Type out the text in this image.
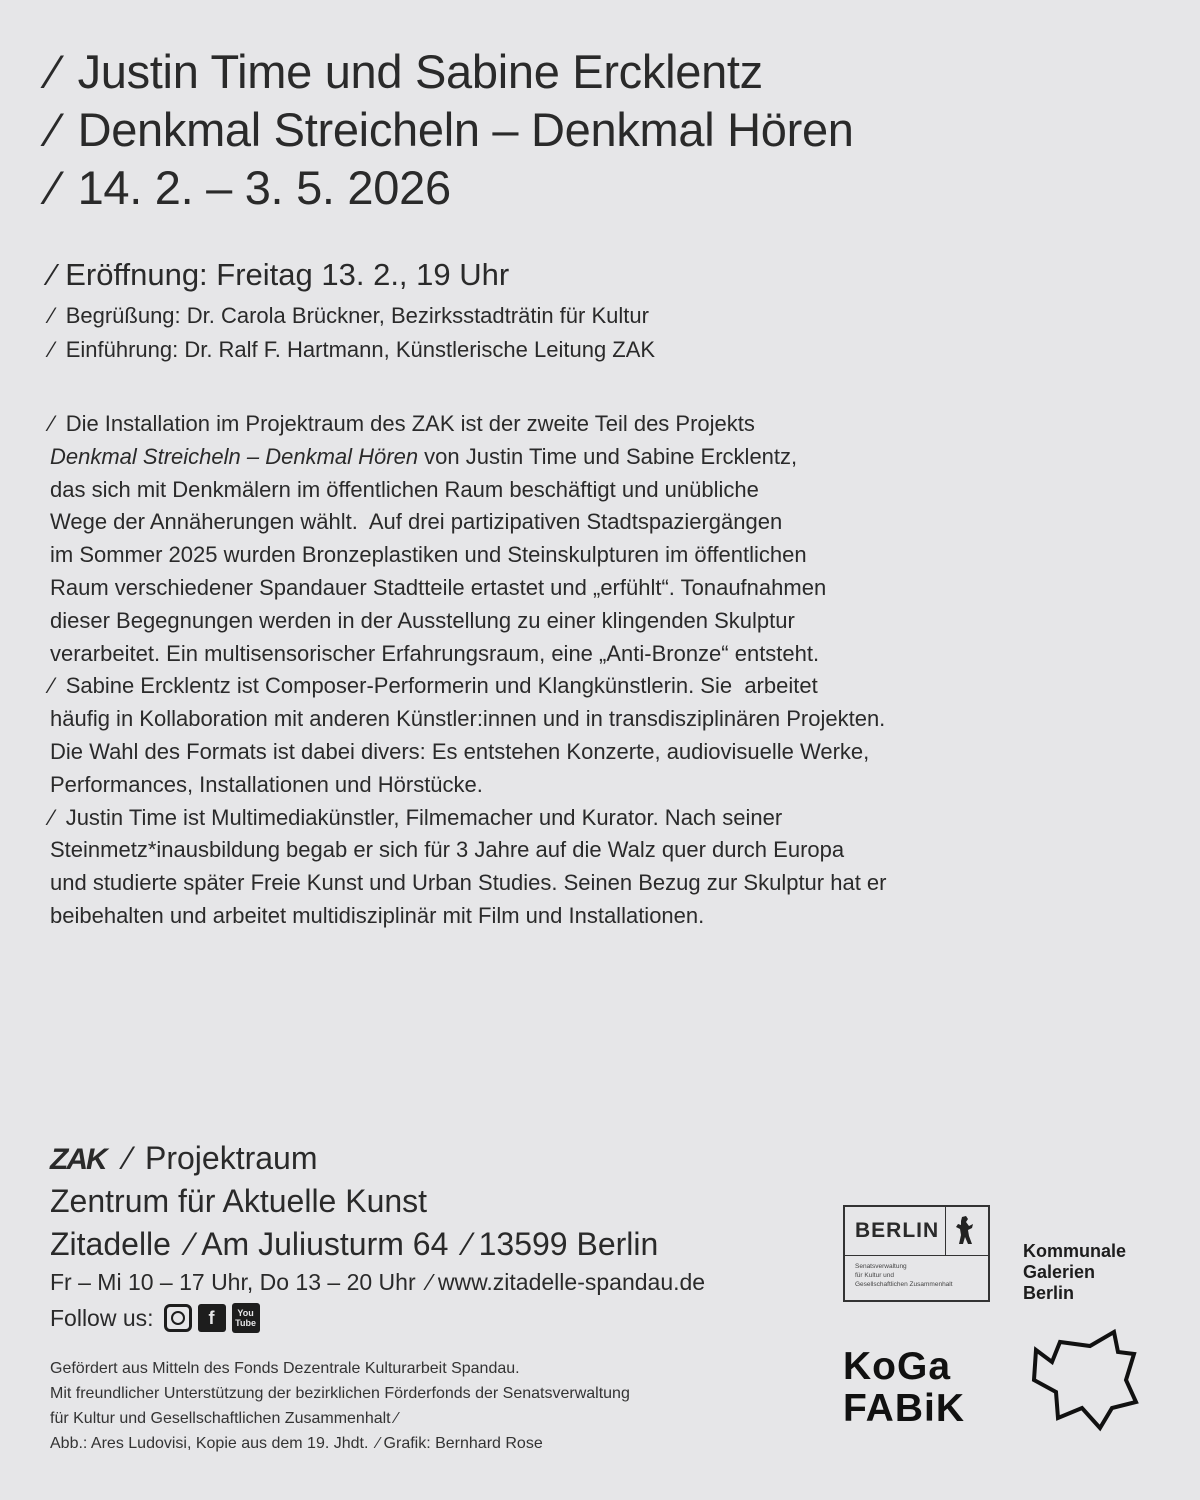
⁄ Justin Time und Sabine Ercklentz
⁄ Denkmal Streicheln – Denkmal Hören
⁄ 14. 2. – 3. 5. 2026
⁄ Eröffnung: Freitag 13. 2., 19 Uhr
⁄ Begrüßung: Dr. Carola Brückner, Bezirksstadträtin für Kultur
⁄ Einführung: Dr. Ralf F. Hartmann, Künstlerische Leitung ZAK
⁄ Die Installation im Projektraum des ZAK ist der zweite Teil des Projekts
Denkmal Streicheln – Denkmal Hören von Justin Time und Sabine Ercklentz,
das sich mit Denkmälern im öffentlichen Raum beschäftigt und unübliche
Wege der Annäherungen wählt.  Auf drei partizipativen Stadtspaziergängen
im Sommer 2025 wurden Bronzeplastiken und Steinskulpturen im öffentlichen
Raum verschiedener Spandauer Stadtteile ertastet und „erfühlt“. Tonaufnahmen
dieser Begegnungen werden in der Ausstellung zu einer klingenden Skulptur
verarbeitet. Ein multisensorischer Erfahrungsraum, eine „Anti-Bronze“ entsteht.
⁄ Sabine Ercklentz ist Composer-Performerin und Klangkünstlerin. Sie  arbeitet
häufig in Kollaboration mit anderen Künstler:innen und in transdisziplinären Projekten.
Die Wahl des Formats ist dabei divers: Es entstehen Konzerte, audiovisuelle Werke,
Performances, Installationen und Hörstücke.
⁄ Justin Time ist Multimediakünstler, Filmemacher und Kurator. Nach seiner
Steinmetz*inausbildung begab er sich für 3 Jahre auf die Walz quer durch Europa
und studierte später Freie Kunst und Urban Studies. Seinen Bezug zur Skulptur hat er
beibehalten und arbeitet multidisziplinär mit Film und Installationen.
ZAK ⁄ Projektraum
Zentrum für Aktuelle Kunst
Zitadelle ⁄ Am Juliusturm 64 ⁄ 13599 Berlin
Fr – Mi 10 – 17 Uhr, Do 13 – 20 Uhr ⁄ www.zitadelle-spandau.de
Follow us:	f	You
Tube
Gefördert aus Mitteln des Fonds Dezentrale Kulturarbeit Spandau.
Mit freundlicher Unterstützung der bezirklichen Förderfonds der Senatsverwaltung
für Kultur und Gesellschaftlichen Zusammenhalt ⁄
Abb.: Ares Ludovisi, Kopie aus dem 19. Jhdt. ⁄ Grafik: Bernhard Rose
BERLIN
Senatsverwaltung
für Kultur und
Gesellschaftlichen Zusammenhalt
Kommunale
Galerien
Berlin
KoGa
FABiK
